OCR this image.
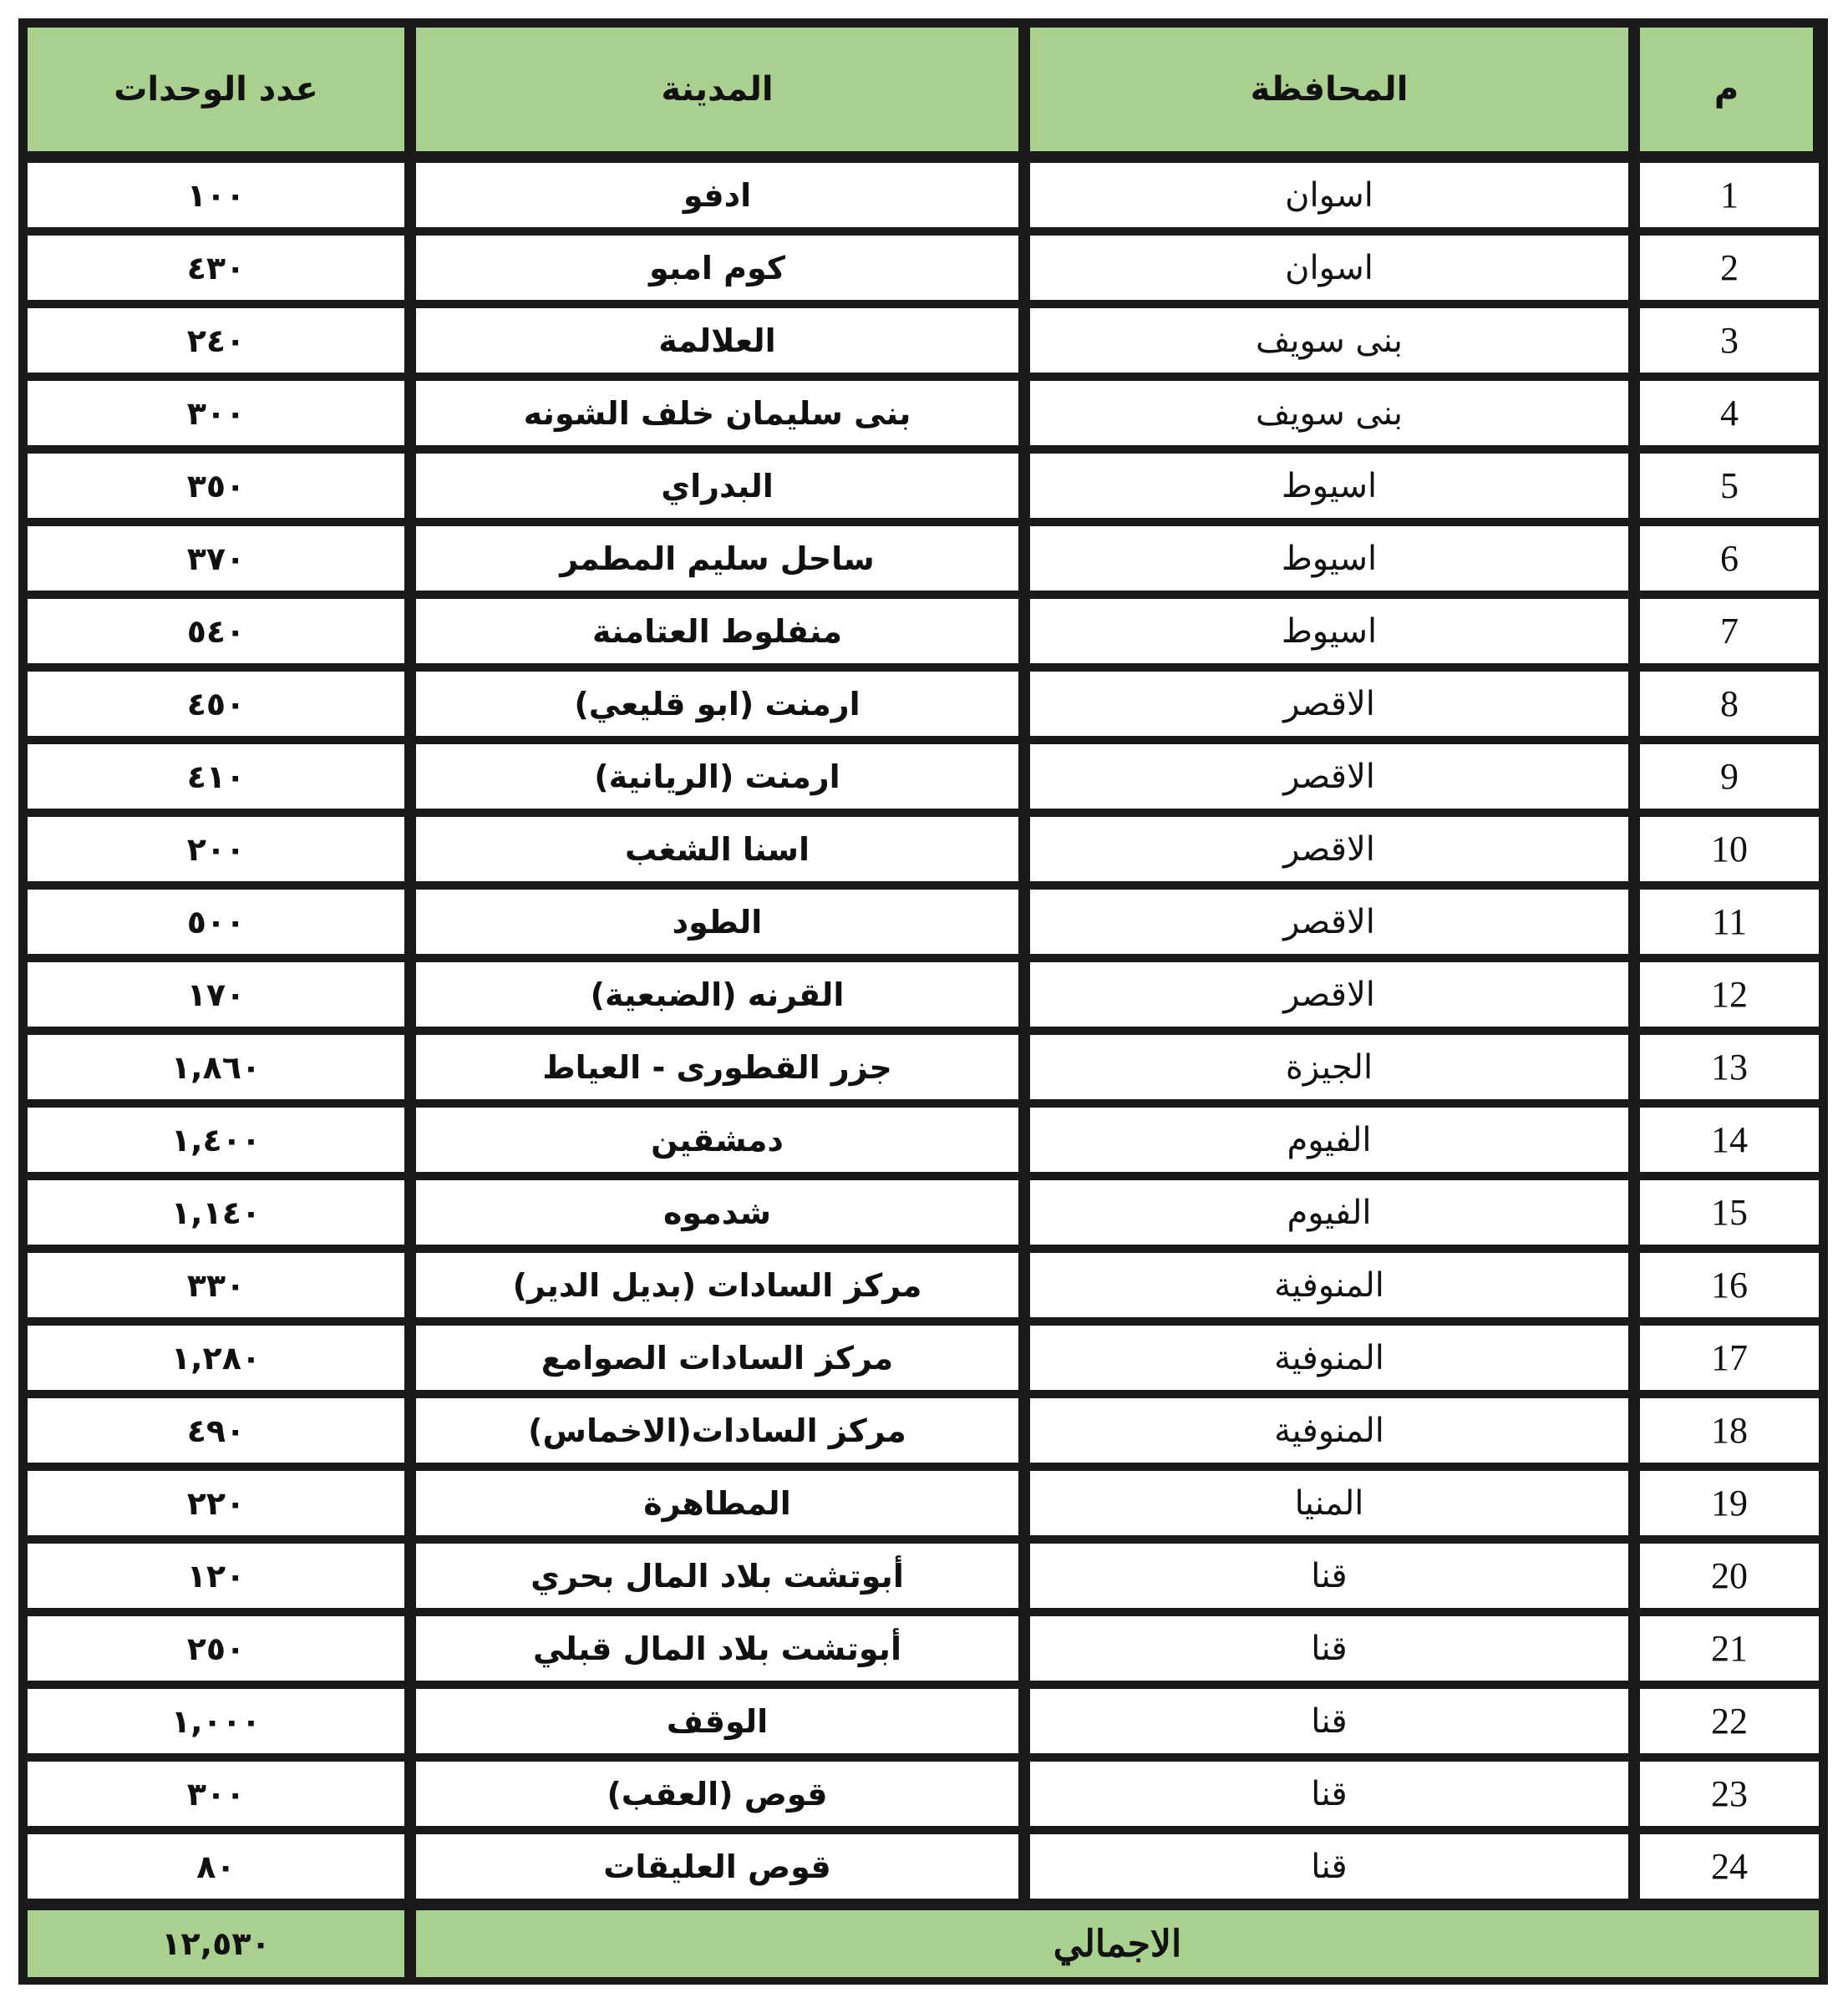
م	المحافظة	المدينة	عدد الوحدات
1	اسوان	ادفو	١٠٠
2	اسوان	كوم امبو	٤٣٠
3	بنى سويف	العلالمة	٢٤٠
4	بنى سويف	بنى سليمان خلف الشونه	٣٠٠
5	اسيوط	البدراي	٣٥٠
6	اسيوط	ساحل سليم المطمر	٣٧٠
7	اسيوط	منفلوط العتامنة	٥٤٠
8	الاقصر	ارمنت (ابو قليعي)	٤٥٠
9	الاقصر	ارمنت (الريانية)	٤١٠
10	الاقصر	اسنا الشغب	٢٠٠
11	الاقصر	الطود	٥٠٠
12	الاقصر	القرنه (الضبعية)	١٧٠
13	الجيزة	جزر القطورى - العياط	١,٨٦٠
14	الفيوم	دمشقين	١,٤٠٠
15	الفيوم	شدموه	١,١٤٠
16	المنوفية	مركز السادات (بديل الدير)	٣٣٠
17	المنوفية	مركز السادات الصوامع	١,٢٨٠
18	المنوفية	مركز السادات(الاخماس)	٤٩٠
19	المنيا	المطاهرة	٢٢٠
20	قنا	أبوتشت بلاد المال بحري	١٢٠
21	قنا	أبوتشت بلاد المال قبلي	٢٥٠
22	قنا	الوقف	١,٠٠٠
23	قنا	قوص (العقب)	٣٠٠
24	قنا	قوص العليقات	٨٠
الاجمالي			١٢,٥٣٠
